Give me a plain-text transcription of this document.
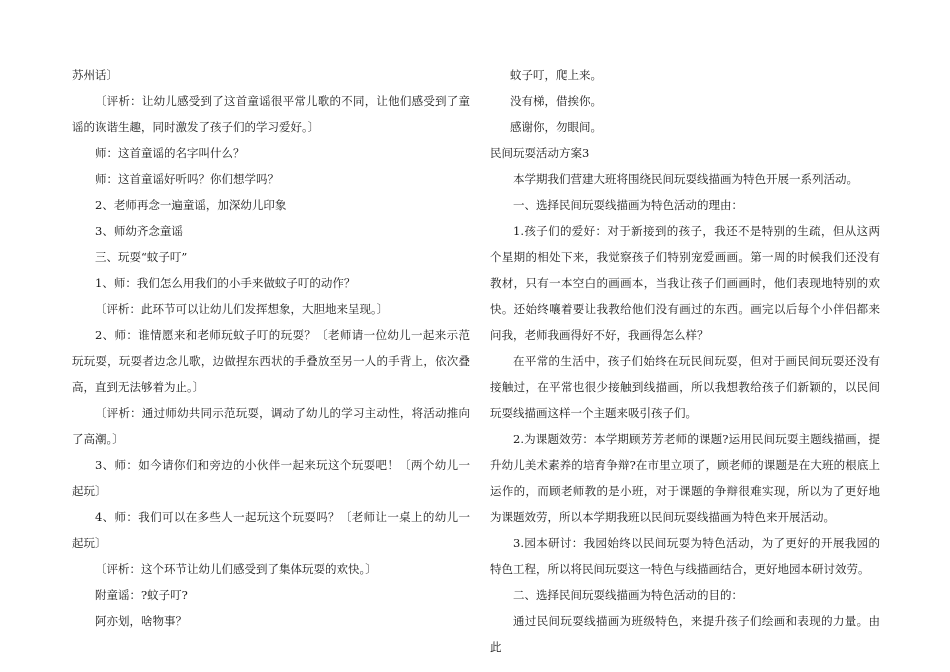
苏州话〕

〔评析：让幼儿感受到了这首童谣很平常儿歌的不同，让他们感受到了童谣的诙谐生趣，同时激发了孩子们的学习爱好。〕

师：这首童谣的名字叫什么？

师：这首童谣好听吗？你们想学吗？

2、老师再念一遍童谣，加深幼儿印象

3、师幼齐念童谣

三、玩耍“蚊子叮”

1、师：我们怎么用我们的小手来做蚊子叮的动作？

〔评析：此环节可以让幼儿们发挥想象，大胆地来呈现。〕

2、师：谁情愿来和老师玩蚊子叮的玩耍？〔老师请一位幼儿一起来示范玩玩耍，玩耍者边念儿歌，边做捏东西状的手叠放至另一人的手背上，依次叠高，直到无法够着为止。〕

〔评析：通过师幼共同示范玩耍，调动了幼儿的学习主动性，将活动推向了高潮。〕

3、师：如今请你们和旁边的小伙伴一起来玩这个玩耍吧！〔两个幼儿一起玩〕

4、师：我们可以在多些人一起玩这个玩耍吗？〔老师让一桌上的幼儿一起玩〕

〔评析：这个环节让幼儿们感受到了集体玩耍的欢快。〕

附童谣：?蚊子叮?

阿亦划，啥物事？

蚊子叮，爬上来。

没有梯，借挨你。

感谢你，勿眼间。

民间玩耍活动方案3

本学期我们营建大班将围绕民间玩耍线描画为特色开展一系列活动。

一、选择民间玩耍线描画为特色活动的理由：

1.孩子们的爱好：对于新接到的孩子，我还不是特别的生疏，但从这两个星期的相处下来，我觉察孩子们特别宠爱画画。第一周的时候我们还没有教材，只有一本空白的画画本，当我让孩子们画画时，他们表现地特别的欢快。还始终嚷着要让我教给他们没有画过的东西。画完以后每个小伴侣都来问我，老师我画得好不好，我画得怎么样？

在平常的生活中，孩子们始终在玩民间玩耍，但对于画民间玩耍还没有接触过，在平常也很少接触到线描画，所以我想教给孩子们新颖的，以民间玩耍线描画这样一个主题来吸引孩子们。

2.为课题效劳：本学期顾芳芳老师的课题?运用民间玩耍主题线描画，提升幼儿美术素养的培育争辩?在市里立项了，顾老师的课题是在大班的根底上运作的，而顾老师教的是小班，对于课题的争辩很难实现，所以为了更好地为课题效劳，所以本学期我班以民间玩耍线描画为特色来开展活动。

3.园本研讨：我园始终以民间玩耍为特色活动，为了更好的开展我园的特色工程，所以将民间玩耍这一特色与线描画结合，更好地园本研讨效劳。

二、选择民间玩耍线描画为特色活动的目的：

通过民间玩耍线描画为班级特色，来提升孩子们绘画和表现的力量。由此
